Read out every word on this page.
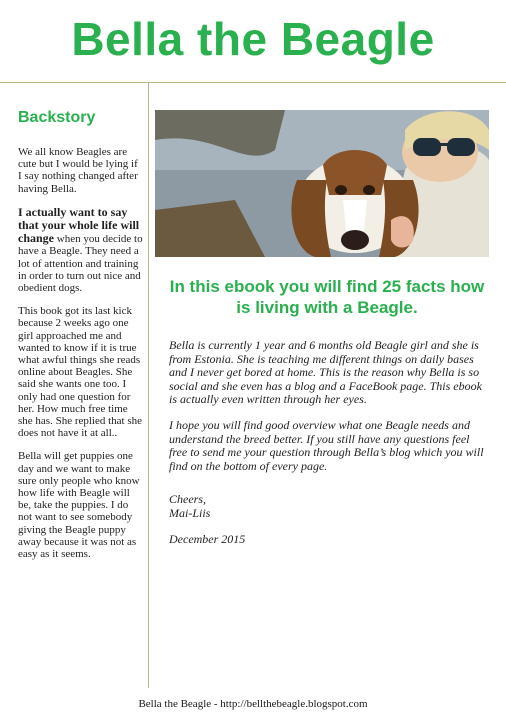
Bella the Beagle
Backstory

We all know Beagles are cute but I would be lying if I say nothing changed after having Bella.

I actually want to say that your whole life will change when you decide to have a Beagle. They need a lot of attention and training in order to turn out nice and obedient dogs.

This book got its last kick because 2 weeks ago one girl approached me and wanted to know if it is true what awful things she reads online about Beagles. She said she wants one too. I only had one question for her. How much free time she has. She replied that she does not have it at all..

Bella will get puppies one day and we want to make sure only people who know how life with Beagle will be, take the puppies. I do not want to see somebody giving the Beagle puppy away because it was not as easy as it seems.

In this ebook you will find 25 facts how is living with a Beagle.

Bella is currently 1 year and 6 months old Beagle girl and she is from Estonia. She is teaching me different things on daily bases and I never get bored at home. This is the reason why Bella is so social and she even has a blog and a FaceBook page. This ebook is actually even written through her eyes.

I hope you will find good overview what one Beagle needs and understand the breed better. If you still have any questions feel free to send me your question through Bella’s blog which you will find on the bottom of every page.

Cheers,
Mai-Liis

December 2015

Bella the Beagle - http://bellthebeagle.blogspot.com
